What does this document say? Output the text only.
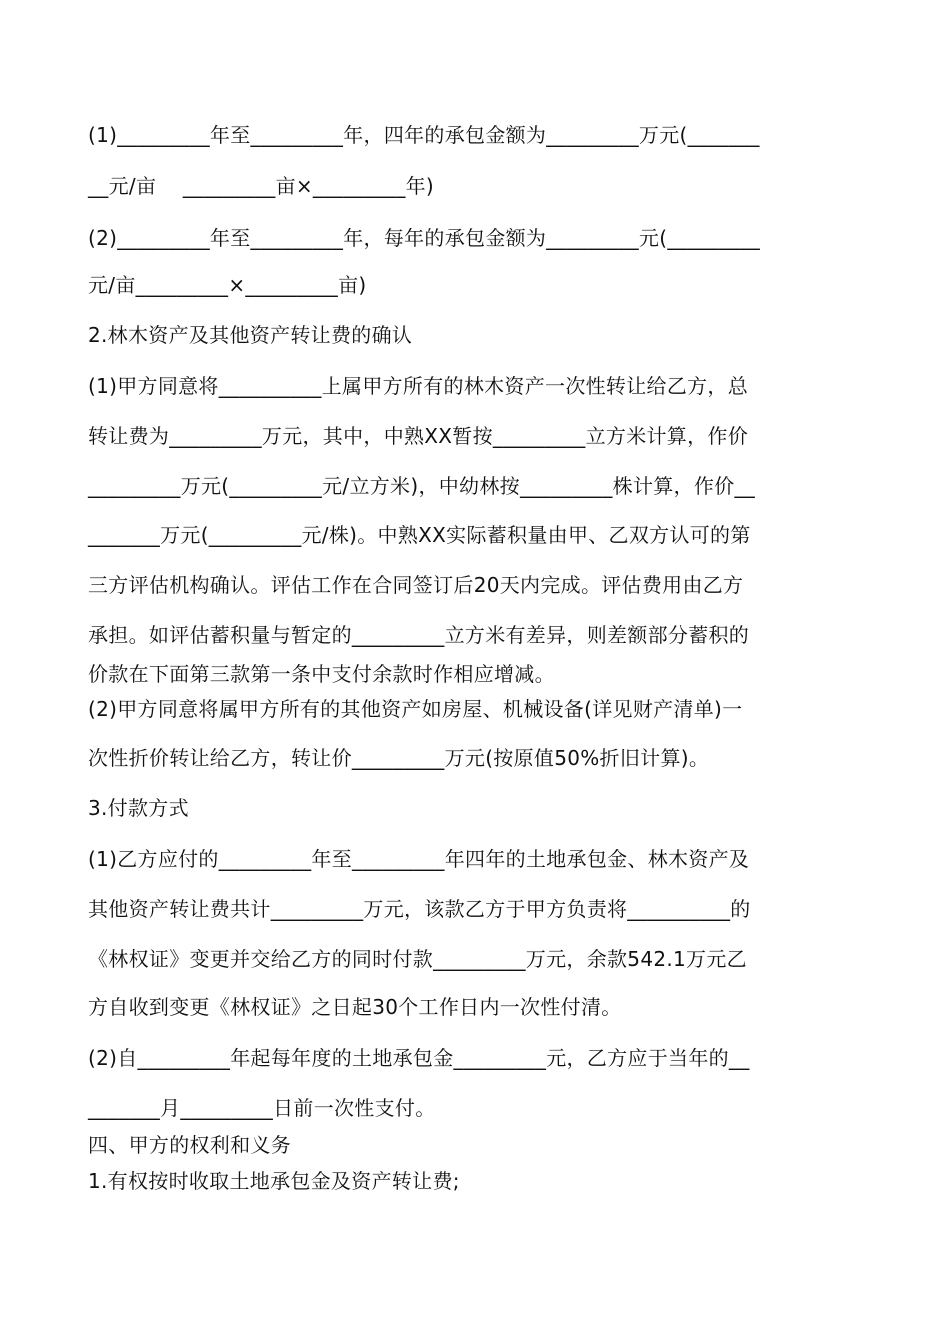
(1)_________年至_________年，四年的承包金额为_________万元(_______
__元/亩    _________亩×_________年)
(2)_________年至_________年，每年的承包金额为_________元(_________
元/亩_________×_________亩)
2.林木资产及其他资产转让费的确认
(1)甲方同意将__________上属甲方所有的林木资产一次性转让给乙方，总
转让费为_________万元，其中，中熟XX暂按_________立方米计算，作价
_________万元(_________元/立方米)，中幼林按_________株计算，作价__
_______万元(_________元/株)。中熟XX实际蓄积量由甲、乙双方认可的第
三方评估机构确认。评估工作在合同签订后20天内完成。评估费用由乙方
承担。如评估蓄积量与暂定的_________立方米有差异，则差额部分蓄积的
价款在下面第三款第一条中支付余款时作相应增减。
(2)甲方同意将属甲方所有的其他资产如房屋、机械设备(详见财产清单)一
次性折价转让给乙方，转让价_________万元(按原值50%折旧计算)。
3.付款方式
(1)乙方应付的_________年至_________年四年的土地承包金、林木资产及
其他资产转让费共计_________万元，该款乙方于甲方负责将__________的
《林权证》变更并交给乙方的同时付款_________万元，余款542.1万元乙
方自收到变更《林权证》之日起30个工作日内一次性付清。
(2)自_________年起每年度的土地承包金_________元，乙方应于当年的__
_______月_________日前一次性支付。
四、甲方的权利和义务
1.有权按时收取土地承包金及资产转让费;
